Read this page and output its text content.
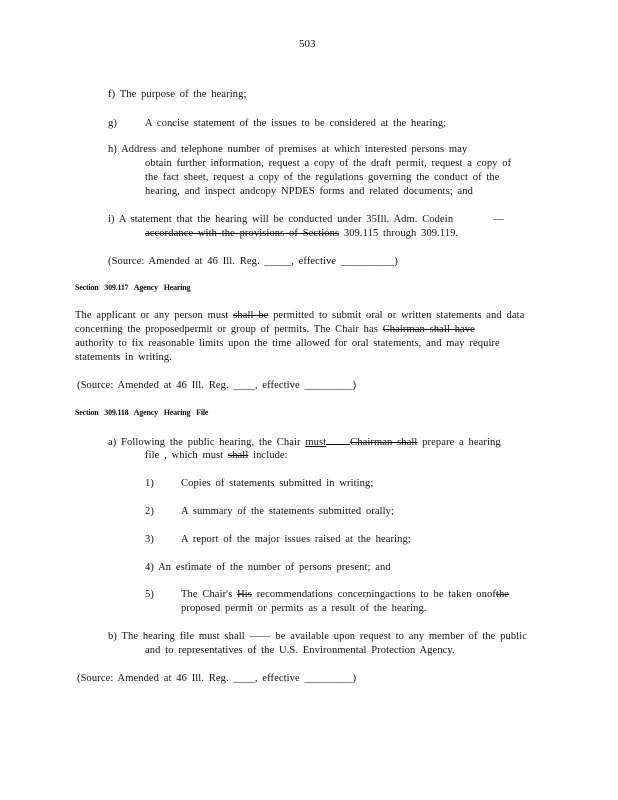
503
f) The purpose of the hearing;
g)	A concise statement of the issues to be considered at the hearing;
h) Address and telephone number of premises at which interested persons may
obtain further information, request a copy of the draft permit, request a copy of
the fact sheet, request a copy of the regulations governing the conduct of the
hearing, and inspect andcopy NPDES forms and related documents; and
i) A statement that the hearing will be conducted under 35Ill. Adm. Codein	—
accordance with the provisions of Sections 309.115 through 309.119.
(Source: Amended at 46 Ill. Reg. _____, effective __________)
Section 309.117 Agency Hearing
The applicant or any person must shall be permitted to submit oral or written statements and data
concerning the proposedpermit or group of permits. The Chair has Chairman shall have
authority to fix reasonable limits upon the time allowed for oral statements, and may require
statements in writing.
(Source: Amended at 46 Ill. Reg. ____, effective _________)
Section 309.118 Agency Hearing File
a) Following the public hearing, the Chair must Chairman shall prepare a hearing
file , which must shall include:
1)	Copies of statements submitted in writing;
2)	A summary of the statements submitted orally;
3)	A report of the major issues raised at the hearing;
4) An estimate of the number of persons present; and
5)	The Chair's His recommendations concerningactions to be taken onofthe
proposed permit or permits as a result of the hearing.
b) The hearing file must shall —— be available upon request to any member of the public
and to representatives of the U.S. Environmental Protection Agency.
(Source: Amended at 46 Ill. Reg. ____, effective _________)
